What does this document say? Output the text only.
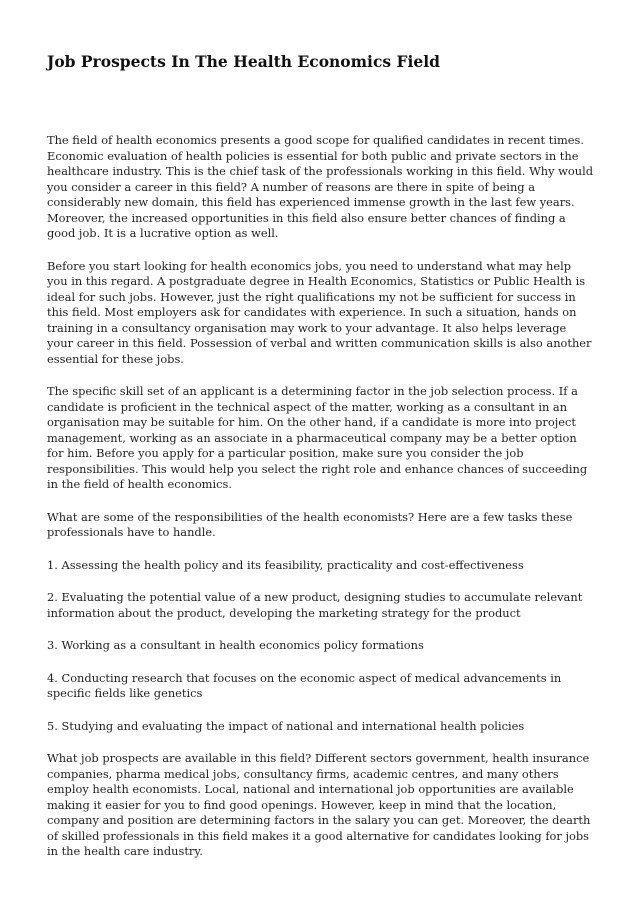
Job Prospects In The Health Economics Field

The field of health economics presents a good scope for qualified candidates in recent times. Economic evaluation of health policies is essential for both public and private sectors in the healthcare industry. This is the chief task of the professionals working in this field. Why would you consider a career in this field? A number of reasons are there in spite of being a considerably new domain, this field has experienced immense growth in the last few years. Moreover, the increased opportunities in this field also ensure better chances of finding a good job. It is a lucrative option as well.

Before you start looking for health economics jobs, you need to understand what may help you in this regard. A postgraduate degree in Health Economics, Statistics or Public Health is ideal for such jobs. However, just the right qualifications my not be sufficient for success in this field. Most employers ask for candidates with experience. In such a situation, hands on training in a consultancy organisation may work to your advantage. It also helps leverage your career in this field. Possession of verbal and written communication skills is also another essential for these jobs.

The specific skill set of an applicant is a determining factor in the job selection process. If a candidate is proficient in the technical aspect of the matter, working as a consultant in an organisation may be suitable for him. On the other hand, if a candidate is more into project management, working as an associate in a pharmaceutical company may be a better option for him. Before you apply for a particular position, make sure you consider the job responsibilities. This would help you select the right role and enhance chances of succeeding in the field of health economics.

What are some of the responsibilities of the health economists? Here are a few tasks these professionals have to handle.

1. Assessing the health policy and its feasibility, practicality and cost-effectiveness

2. Evaluating the potential value of a new product, designing studies to accumulate relevant information about the product, developing the marketing strategy for the product

3. Working as a consultant in health economics policy formations

4. Conducting research that focuses on the economic aspect of medical advancements in specific fields like genetics

5. Studying and evaluating the impact of national and international health policies

What job prospects are available in this field? Different sectors government, health insurance companies, pharma medical jobs, consultancy firms, academic centres, and many others employ health economists. Local, national and international job opportunities are available making it easier for you to find good openings. However, keep in mind that the location, company and position are determining factors in the salary you can get. Moreover, the dearth of skilled professionals in this field makes it a good alternative for candidates looking for jobs in the health care industry.
